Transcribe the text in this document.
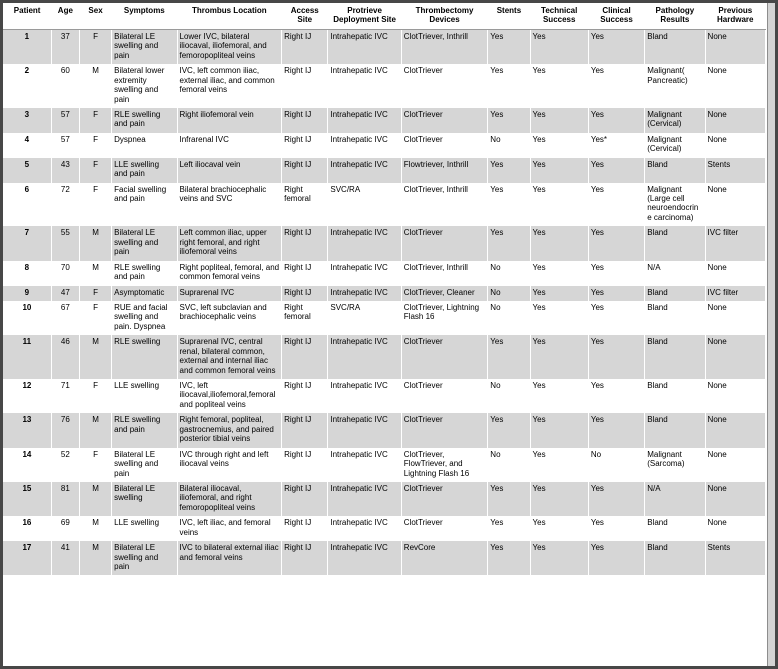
Patient	Age	Sex	Symptoms	Thrombus Location	Access Site	Protrieve Deployment Site	Thrombectomy Devices	Stents	Technical Success	Clinical Success	Pathology Results	Previous Hardware
1	37	F	Bilateral LE swelling and pain	Lower IVC, bilateral iliocaval, iliofemoral, and femoropopliteal veins	Right IJ	Intrahepatic IVC	ClotTriever, Inthrill	Yes	Yes	Yes	Bland	None
2	60	M	Bilateral lower extremity swelling and pain	IVC, left common iliac, external iliac, and common femoral veins	Right IJ	Intrahepatic IVC	ClotTriever	Yes	Yes	Yes	Malignant( Pancreatic)	None
3	57	F	RLE swelling and pain	Right iliofemoral vein	Right IJ	Intrahepatic IVC	ClotTriever	Yes	Yes	Yes	Malignant (Cervical)	None
4	57	F	Dyspnea	Infrarenal IVC	Right IJ	Intrahepatic IVC	ClotTriever	No	Yes	Yes*	Malignant (Cervical)	None
5	43	F	LLE swelling and pain	Left iliocaval vein	Right IJ	Intrahepatic IVC	Flowtriever, Inthrill	Yes	Yes	Yes	Bland	Stents
6	72	F	Facial swelling and pain	Bilateral brachiocephalic veins and SVC	Right femoral	SVC/RA	ClotTriever, Inthrill	Yes	Yes	Yes	Malignant (Large cell neuroendocrine carcinoma)	None
7	55	M	Bilateral LE swelling and pain	Left common iliac, upper right femoral, and right iliofemoral veins	Right IJ	Intrahepatic IVC	ClotTriever	Yes	Yes	Yes	Bland	IVC filter
8	70	M	RLE swelling and pain	Right popliteal, femoral, and common femoral veins	Right IJ	Intrahepatic IVC	ClotTriever, Inthrill	No	Yes	Yes	N/A	None
9	47	F	Asymptomatic	Suprarenal IVC	Right IJ	Intrahepatic IVC	ClotTriever, Cleaner	No	Yes	Yes	Bland	IVC filter
10	67	F	RUE and facial swelling and pain. Dyspnea	SVC, left subclavian and brachiocephalic veins	Right femoral	SVC/RA	ClotTriever, Lightning Flash 16	No	Yes	Yes	Bland	None
11	46	M	RLE swelling	Suprarenal IVC, central renal, bilateral common, external and internal iliac and common femoral veins	Right IJ	Intrahepatic IVC	ClotTriever	Yes	Yes	Yes	Bland	None
12	71	F	LLE swelling	IVC, left iliocaval,iliofemoral,femoral and popliteal veins	Right IJ	Intrahepatic IVC	ClotTriever	No	Yes	Yes	Bland	None
13	76	M	RLE swelling and pain	Right femoral, popliteal, gastrocnemius, and paired posterior tibial veins	Right IJ	Intrahepatic IVC	ClotTriever	Yes	Yes	Yes	Bland	None
14	52	F	Bilateral LE swelling and pain	IVC through right and left iliocaval veins	Right IJ	Intrahepatic IVC	ClotTriever, FlowTriever, and Lightning Flash 16	No	Yes	No	Malignant (Sarcoma)	None
15	81	M	Bilateral LE swelling	Bilateral iliocaval, iliofemoral, and right femoropopliteal veins	Right IJ	Intrahepatic IVC	ClotTriever	Yes	Yes	Yes	N/A	None
16	69	M	LLE swelling	IVC, left iliac, and femoral veins	Right IJ	Intrahepatic IVC	ClotTriever	Yes	Yes	Yes	Bland	None
17	41	M	Bilateral LE swelling and pain	IVC to bilateral external iliac and femoral veins	Right IJ	Intrahepatic IVC	RevCore	Yes	Yes	Yes	Bland	Stents
